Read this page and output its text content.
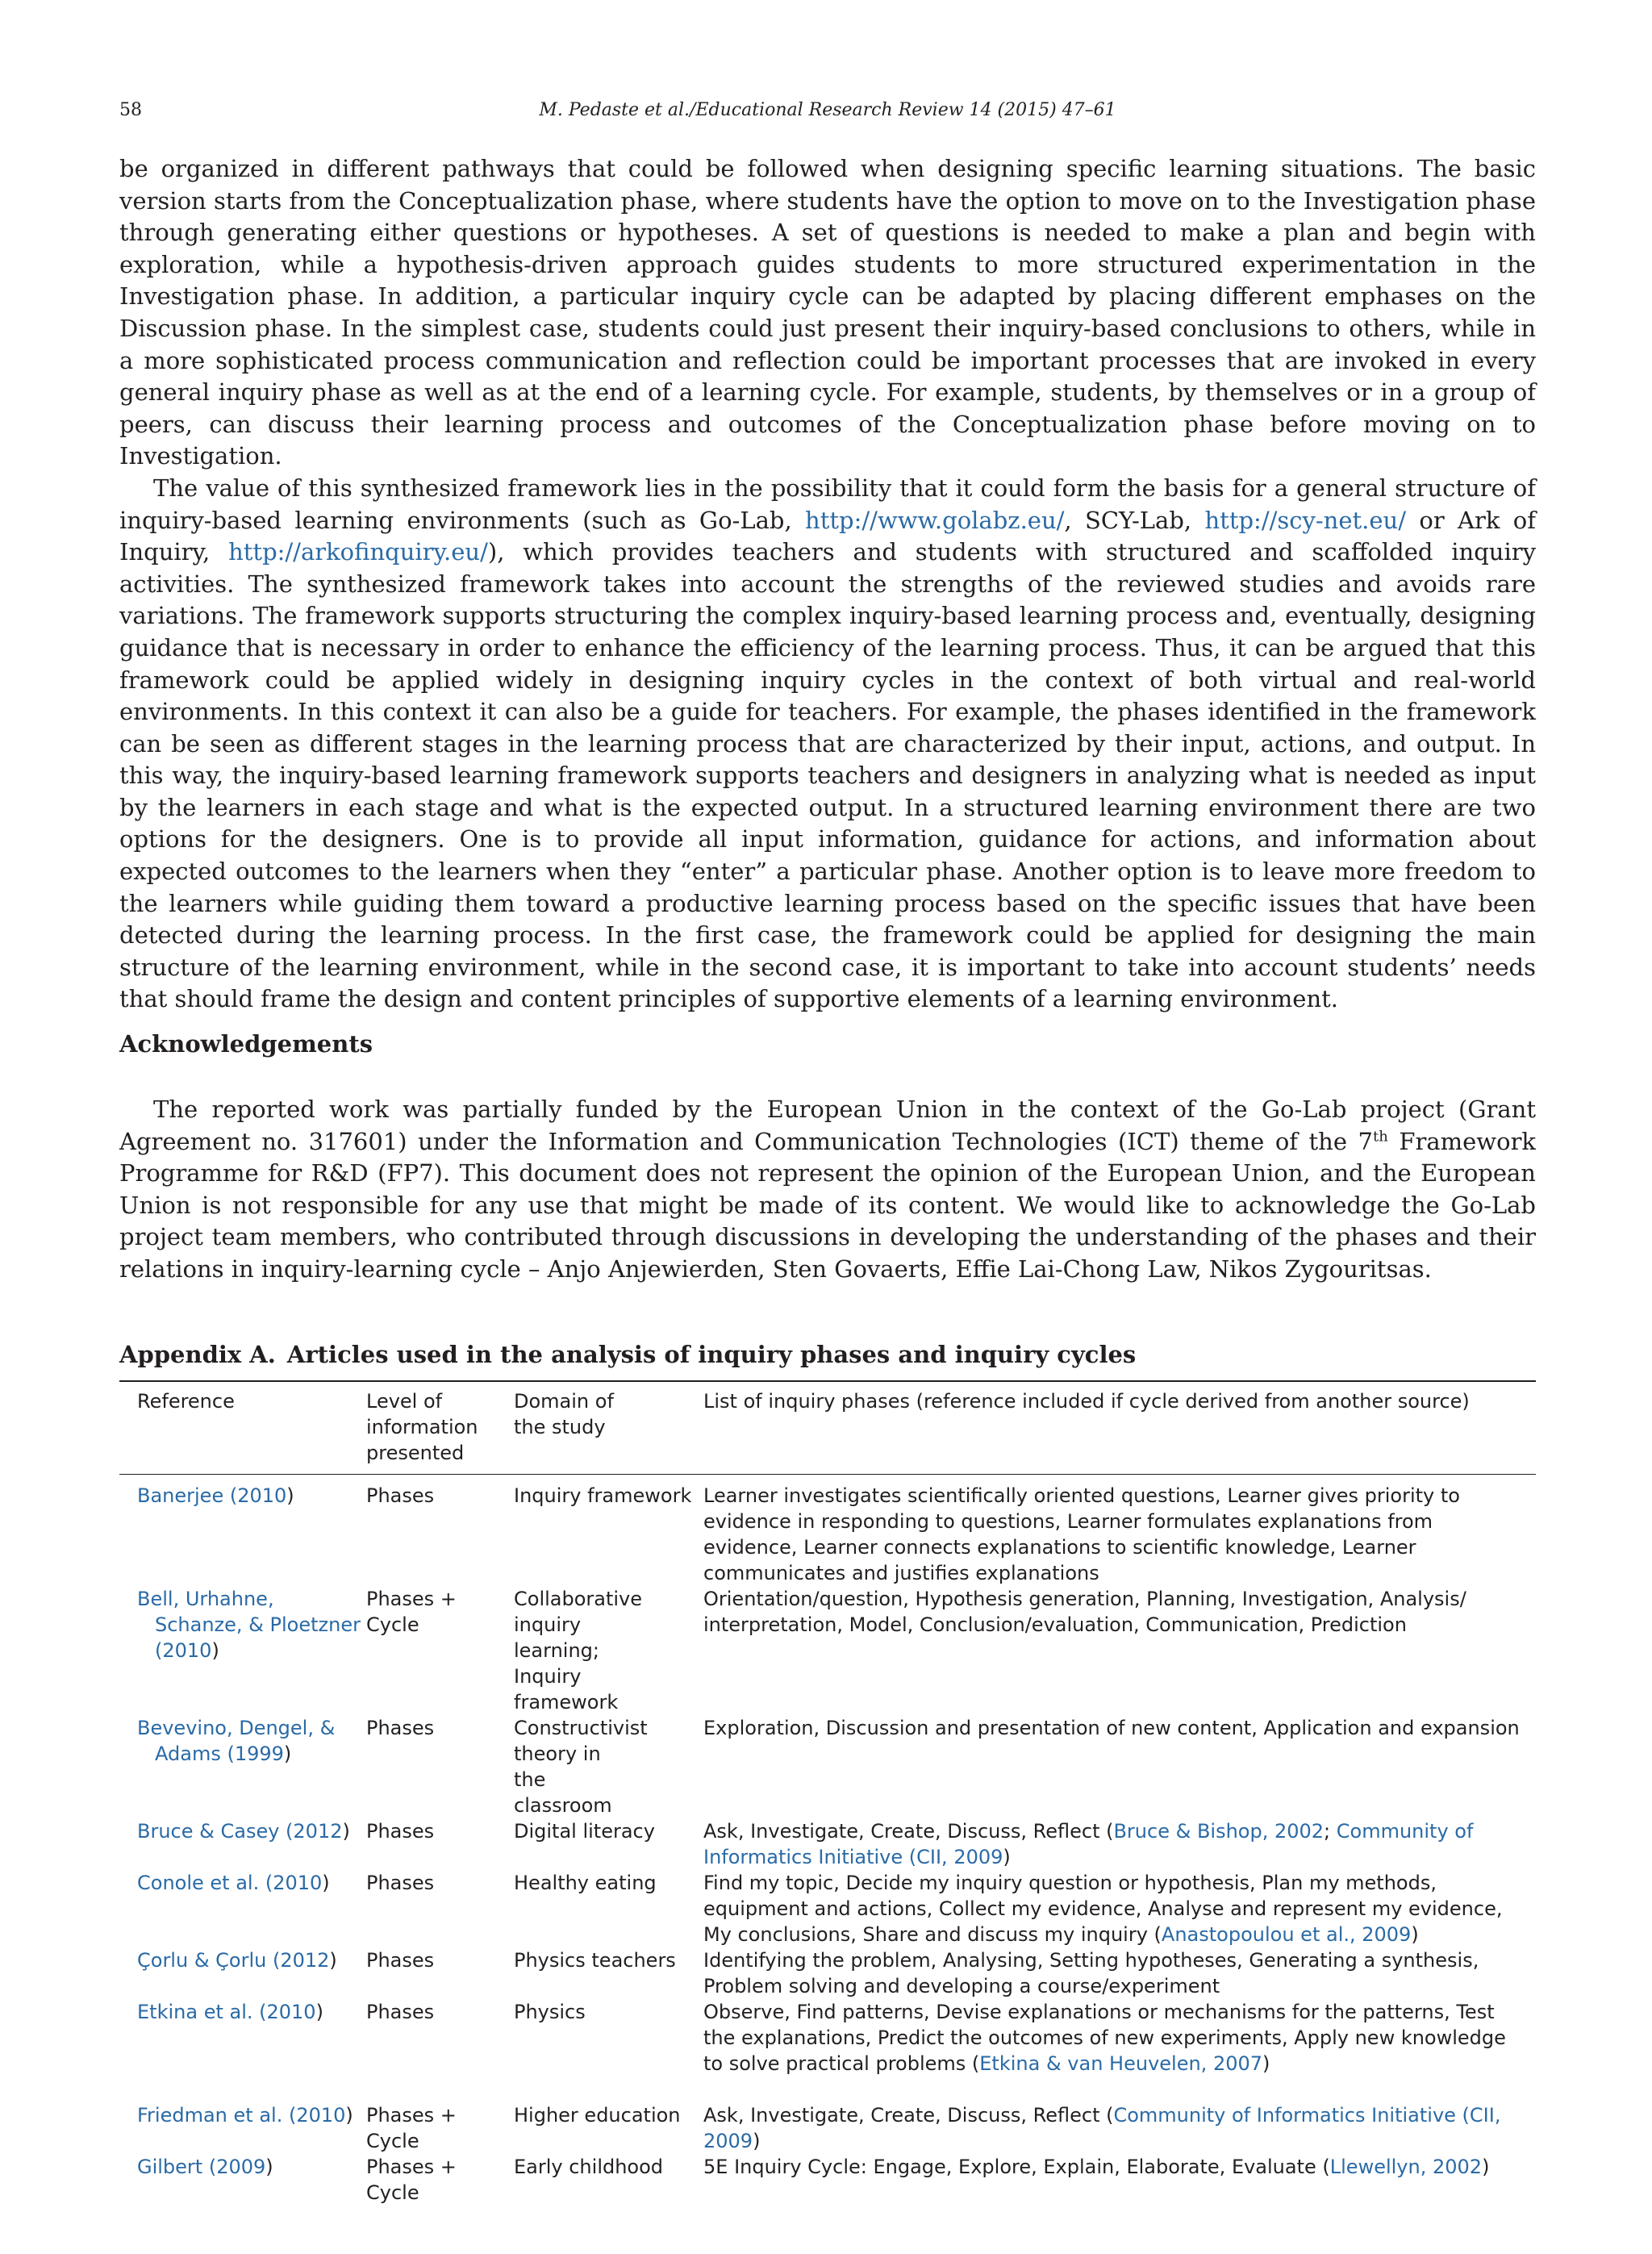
58	M. Pedaste et al./Educational Research Review 14 (2015) 47–61

be organized in different pathways that could be followed when designing specific learning situations. The basic version starts from the Conceptualization phase, where students have the option to move on to the Investigation phase through generating either questions or hypotheses. A set of questions is needed to make a plan and begin with exploration, while a hypothesis-driven approach guides students to more structured experimentation in the Investigation phase. In addition, a particular inquiry cycle can be adapted by placing different emphases on the Discussion phase. In the simplest case, students could just present their inquiry-based conclusions to others, while in a more sophisticated process communication and reflection could be important processes that are invoked in every general inquiry phase as well as at the end of a learning cycle. For example, students, by themselves or in a group of peers, can discuss their learning process and outcomes of the Conceptualization phase before moving on to Investigation.

The value of this synthesized framework lies in the possibility that it could form the basis for a general structure of inquiry-based learning environments (such as Go-Lab, http://www.golabz.eu/, SCY-Lab, http://scy-net.eu/ or Ark of Inquiry, http://arkofinquiry.eu/), which provides teachers and students with structured and scaffolded inquiry activities. The synthesized framework takes into account the strengths of the reviewed studies and avoids rare variations. The framework supports structuring the complex inquiry-based learning process and, eventually, designing guidance that is necessary in order to enhance the efficiency of the learning process. Thus, it can be argued that this framework could be applied widely in designing inquiry cycles in the context of both virtual and real-world environments. In this context it can also be a guide for teachers. For example, the phases identified in the framework can be seen as different stages in the learning process that are characterized by their input, actions, and output. In this way, the inquiry-based learning framework supports teachers and designers in analyzing what is needed as input by the learners in each stage and what is the expected output. In a structured learning environment there are two options for the designers. One is to provide all input information, guidance for actions, and information about expected outcomes to the learners when they “enter” a particular phase. Another option is to leave more freedom to the learners while guiding them toward a productive learning process based on the specific issues that have been detected during the learning process. In the first case, the framework could be applied for designing the main structure of the learning environment, while in the second case, it is important to take into account students’ needs that should frame the design and content principles of supportive elements of a learning environment.

Acknowledgements

The reported work was partially funded by the European Union in the context of the Go-Lab project (Grant Agreement no. 317601) under the Information and Communication Technologies (ICT) theme of the 7th Framework Programme for R&D (FP7). This document does not represent the opinion of the European Union, and the European Union is not responsible for any use that might be made of its content. We would like to acknowledge the Go-Lab project team members, who contributed through discussions in developing the understanding of the phases and their relations in inquiry-learning cycle – Anjo Anjewierden, Sten Govaerts, Effie Lai-Chong Law, Nikos Zygouritsas.

Appendix A. Articles used in the analysis of inquiry phases and inquiry cycles
Reference	Level of information presented	Domain of the study	List of inquiry phases (reference included if cycle derived from another source)
Banerjee (2010)	Phases	Inquiry framework	Learner investigates scientifically oriented questions, Learner gives priority to evidence in responding to questions, Learner formulates explanations from evidence, Learner connects explanations to scientific knowledge, Learner communicates and justifies explanations

Bell, Urhahne, Schanze, & Ploetzner (2010)	Phases + Cycle	Collaborative inquiry learning; Inquiry framework	Orientation/question, Hypothesis generation, Planning, Investigation, Analysis/ interpretation, Model, Conclusion/evaluation, Communication, Prediction

Bevevino, Dengel, & Adams (1999)	Phases	Constructivist theory in the classroom	Exploration, Discussion and presentation of new content, Application and expansion

Bruce & Casey (2012)	Phases	Digital literacy	Ask, Investigate, Create, Discuss, Reflect (Bruce & Bishop, 2002; Community of Informatics Initiative (CII, 2009)

Conole et al. (2010)	Phases	Healthy eating	Find my topic, Decide my inquiry question or hypothesis, Plan my methods, equipment and actions, Collect my evidence, Analyse and represent my evidence, My conclusions, Share and discuss my inquiry (Anastopoulou et al., 2009)

Çorlu & Çorlu (2012)	Phases	Physics teachers	Identifying the problem, Analysing, Setting hypotheses, Generating a synthesis, Problem solving and developing a course/experiment

Etkina et al. (2010)	Phases	Physics	Observe, Find patterns, Devise explanations or mechanisms for the patterns, Test the explanations, Predict the outcomes of new experiments, Apply new knowledge to solve practical problems (Etkina & van Heuvelen, 2007)

Friedman et al. (2010)	Phases + Cycle	Higher education	Ask, Investigate, Create, Discuss, Reflect (Community of Informatics Initiative (CII, 2009)

Gilbert (2009)	Phases + Cycle	Early childhood	5E Inquiry Cycle: Engage, Explore, Explain, Elaborate, Evaluate (Llewellyn, 2002)
